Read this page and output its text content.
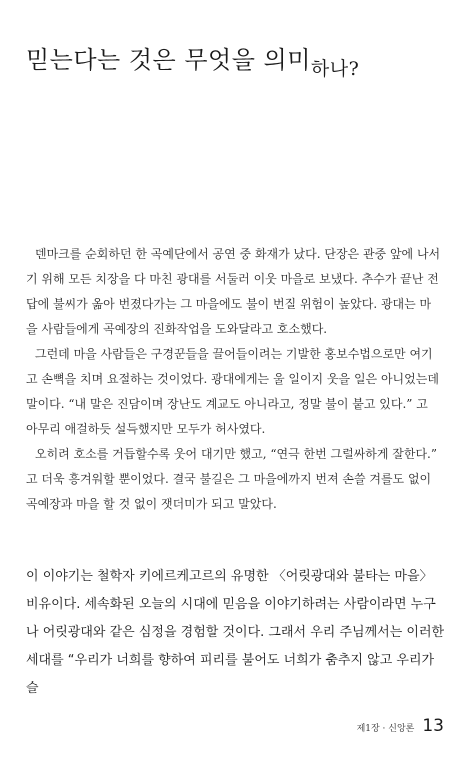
믿는다는 것은 무엇을 의미$_{하나?}$

덴마크를 순회하던 한 곡예단에서 공연 중 화재가 났다. 단장은 관중 앞에 나서기 위해 모든 치장을 다 마친 광대를 서둘러 이웃 마을로 보냈다. 추수가 끝난 전답에 불씨가 옮아 번졌다가는 그 마을에도 불이 번질 위험이 높았다. 광대는 마을 사람들에게 곡예장의 진화작업을 도와달라고 호소했다.

그런데 마을 사람들은 구경꾼들을 끌어들이려는 기발한 홍보수법으로만 여기고 손뼉을 치며 요절하는 것이었다. 광대에게는 울 일이지 웃을 일은 아니었는데 말이다. “내 말은 진담이며 장난도 계교도 아니라고, 정말 불이 붙고 있다.” 고 아무리 애걸하듯 설득했지만 모두가 허사였다.

오히려 호소를 거듭할수록 웃어 대기만 했고, “연극 한번 그럴싸하게 잘한다.” 고 더욱 흥겨워할 뿐이었다. 결국 불길은 그 마을에까지 번져 손쓸 겨를도 없이 곡예장과 마을 할 것 없이 잿더미가 되고 말았다.

이 이야기는 철학자 키에르케고르의 유명한 〈어릿광대와 불타는 마을〉 비유이다. 세속화된 오늘의 시대에 믿음을 이야기하려는 사람이라면 누구나 어릿광대와 같은 심정을 경험할 것이다. 그래서 우리 주님께서는 이러한 세대를 “우리가 너희를 향하여 피리를 불어도 너희가 춤추지 않고 우리가 슬

제1장 · 신앙론 13
